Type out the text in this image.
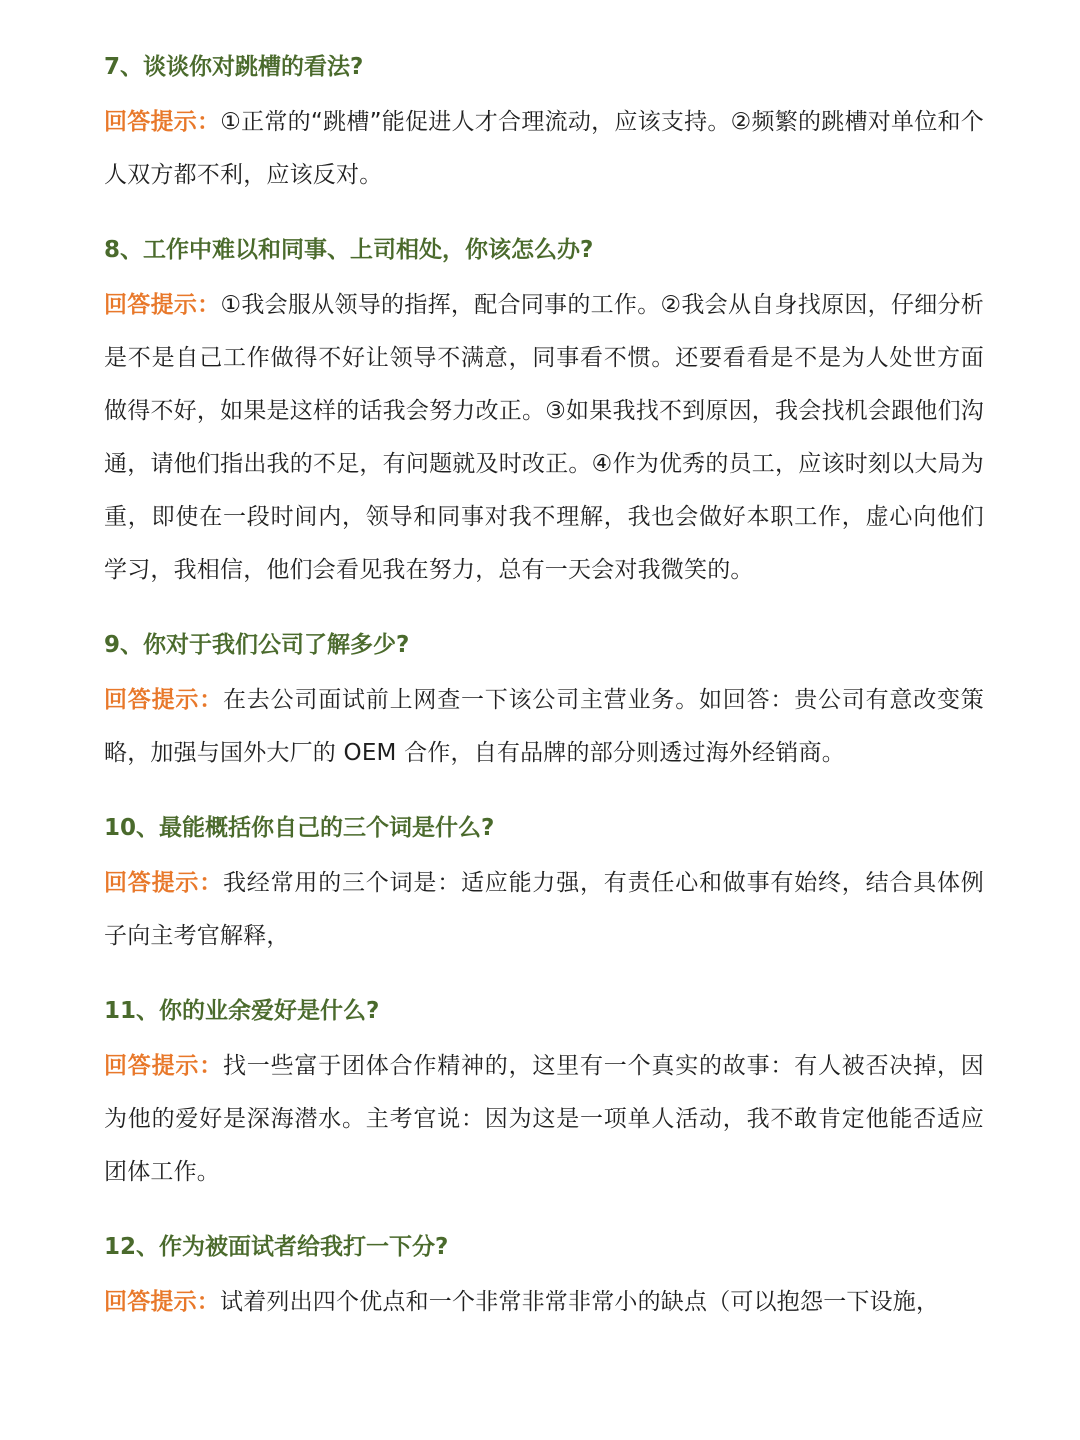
7、谈谈你对跳槽的看法?

回答提示：①正常的“跳槽”能促进人才合理流动，应该支持。②频繁的跳槽对单位和个人双方都不利，应该反对。

8、工作中难以和同事、上司相处，你该怎么办?

回答提示：①我会服从领导的指挥，配合同事的工作。②我会从自身找原因，仔细分析是不是自己工作做得不好让领导不满意，同事看不惯。还要看看是不是为人处世方面做得不好，如果是这样的话我会努力改正。③如果我找不到原因，我会找机会跟他们沟通，请他们指出我的不足，有问题就及时改正。④作为优秀的员工，应该时刻以大局为重，即使在一段时间内，领导和同事对我不理解，我也会做好本职工作，虚心向他们学习，我相信，他们会看见我在努力，总有一天会对我微笑的。

9、你对于我们公司了解多少?

回答提示：在去公司面试前上网查一下该公司主营业务。如回答：贵公司有意改变策略，加强与国外大厂的 OEM 合作，自有品牌的部分则透过海外经销商。

10、最能概括你自己的三个词是什么?

回答提示：我经常用的三个词是：适应能力强，有责任心和做事有始终，结合具体例子向主考官解释，

11、你的业余爱好是什么?

回答提示：找一些富于团体合作精神的，这里有一个真实的故事：有人被否决掉，因为他的爱好是深海潜水。主考官说：因为这是一项单人活动，我不敢肯定他能否适应团体工作。

12、作为被面试者给我打一下分?

回答提示：试着列出四个优点和一个非常非常非常小的缺点（可以抱怨一下设施，
